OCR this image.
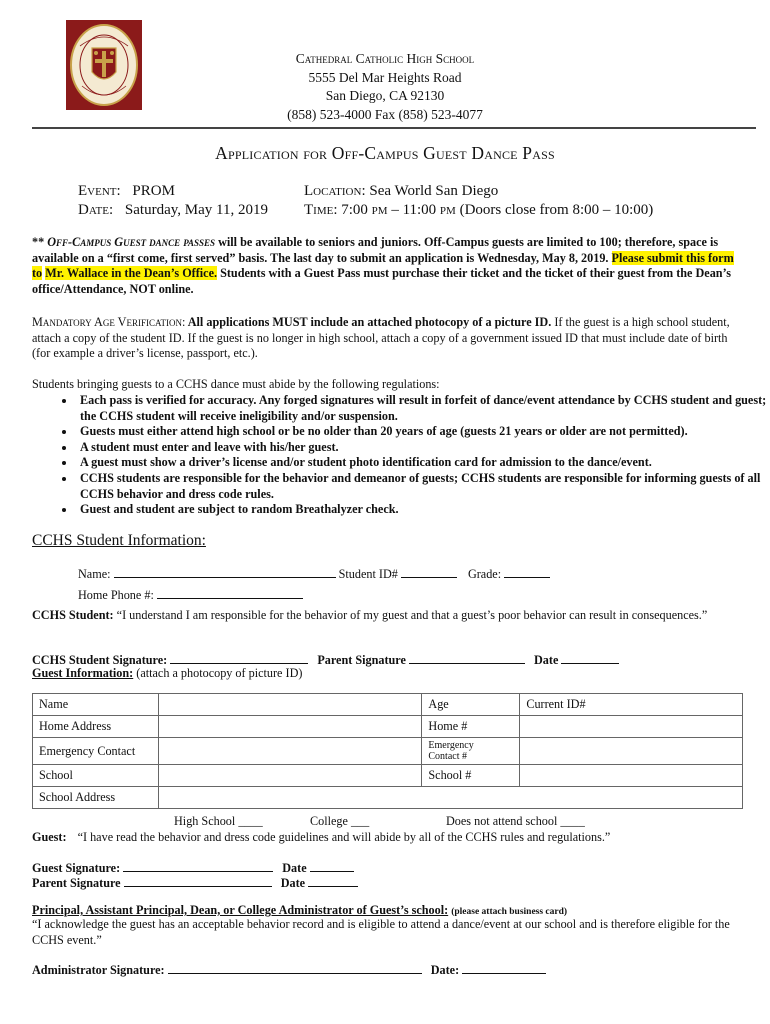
Cathedral Catholic High School
5555 Del Mar Heights Road
San Diego, CA 92130
(858) 523-4000 Fax (858) 523-4077
Application for Off-Campus Guest Dance Pass
Event: PROM
Date: Saturday, May 11, 2019
Location: Sea World San Diego
Time: 7:00 pm – 11:00 pm (Doors close from 8:00 – 10:00)
** Off-Campus Guest dance passes will be available to seniors and juniors. Off-Campus guests are limited to 100; therefore, space is available on a “first come, first served” basis. The last day to submit an application is Wednesday, May 8, 2019. Please submit this form to Mr. Wallace in the Dean’s Office. Students with a Guest Pass must purchase their ticket and the ticket of their guest from the Dean’s office/Attendance, NOT online.
Mandatory Age Verification: All applications MUST include an attached photocopy of a picture ID. If the guest is a high school student, attach a copy of the student ID. If the guest is no longer in high school, attach a copy of a government issued ID that must include date of birth (for example a driver’s license, passport, etc.).
Students bringing guests to a CCHS dance must abide by the following regulations:
• Each pass is verified for accuracy. Any forged signatures will result in forfeit of dance/event attendance by CCHS student and guest; the CCHS student will receive ineligibility and/or suspension.
• Guests must either attend high school or be no older than 20 years of age (guests 21 years or older are not permitted).
• A student must enter and leave with his/her guest.
• A guest must show a driver’s license and/or student photo identification card for admission to the dance/event.
• CCHS students are responsible for the behavior and demeanor of guests; CCHS students are responsible for informing guests of all CCHS behavior and dress code rules.
• Guest and student are subject to random Breathalyzer check.
CCHS Student Information:
Name:	Student ID#	Grade:
Home Phone #:
CCHS Student: “I understand I am responsible for the behavior of my guest and that a guest’s poor behavior can result in consequences.”
CCHS Student Signature:	Parent Signature	Date
Guest Information: (attach a photocopy of picture ID)
Name		Age	Current ID#
Home Address		Home #	
Emergency Contact		Emergency
Contact #	

School		School #	
School Address			
High School ____	College ___	Does not attend school ____
Guest: “I have read the behavior and dress code guidelines and will abide by all of the CCHS rules and regulations.”
Guest Signature:	Date
Parent Signature	Date
Principal, Assistant Principal, Dean, or College Administrator of Guest’s school: (please attach business card)
“I acknowledge the guest has an acceptable behavior record and is eligible to attend a dance/event at our school and is therefore eligible for the CCHS event.”
Administrator Signature:	Date:
